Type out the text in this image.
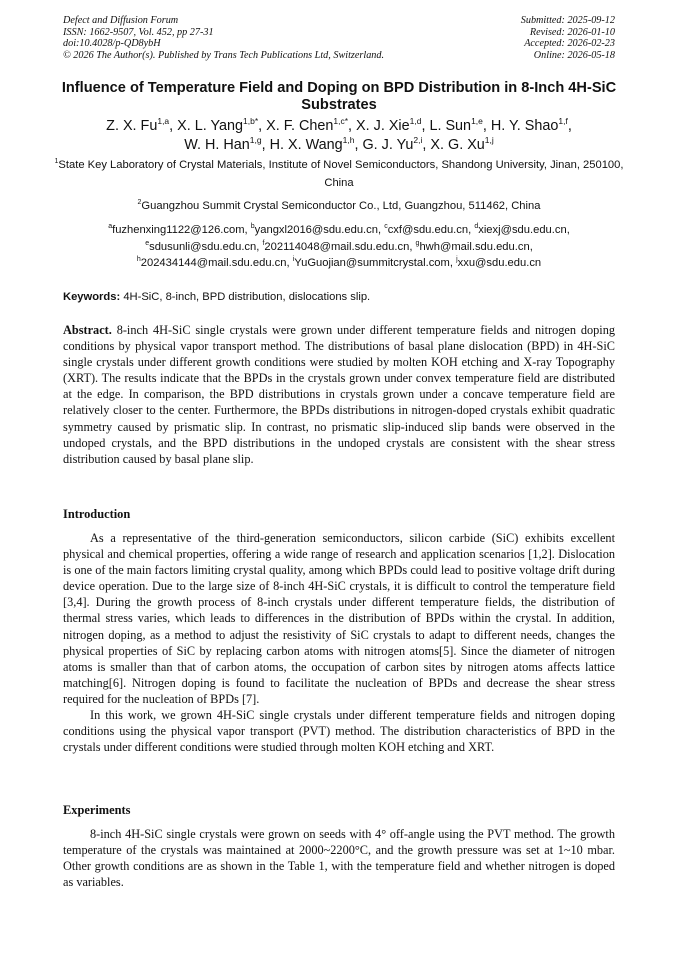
Defect and Diffusion Forum
ISSN: 1662-9507, Vol. 452, pp 27-31
doi:10.4028/p-QD8ybH
© 2026 The Author(s). Published by Trans Tech Publications Ltd, Switzerland.
Submitted: 2025-09-12
Revised: 2026-01-10
Accepted: 2026-02-23
Online: 2026-05-18
Influence of Temperature Field and Doping on BPD Distribution in 8-Inch 4H-SiC Substrates
Z. X. Fu$^{1,a}$, X. L. Yang$^{1,b*}$, X. F. Chen$^{1,c*}$, X. J. Xie$^{1,d}$, L. Sun$^{1,e}$, H. Y. Shao$^{1,f}$,
W. H. Han$^{1,g}$, H. X. Wang$^{1,h}$, G. J. Yu$^{2,i}$, X. G. Xu$^{1,j}$
$^1$State Key Laboratory of Crystal Materials, Institute of Novel Semiconductors, Shandong University, Jinan, 250100, China
$^2$Guangzhou Summit Crystal Semiconductor Co., Ltd, Guangzhou, 511462, China
$^a$fuzhenxing1122@126.com, $^b$yangxl2016@sdu.edu.cn, $^c$cxf@sdu.edu.cn, $^d$xiexj@sdu.edu.cn,
$^e$sdusunli@sdu.edu.cn, $^f$202114048@mail.sdu.edu.cn, $^g$hwh@mail.sdu.edu.cn,
$^h$202434144@mail.sdu.edu.cn, $^i$YuGuojian@summitcrystal.com, $^j$xxu@sdu.edu.cn
Keywords: 4H-SiC, 8-inch, BPD distribution, dislocations slip.

Abstract. 8-inch 4H-SiC single crystals were grown under different temperature fields and nitrogen doping conditions by physical vapor transport method. The distributions of basal plane dislocation (BPD) in 4H-SiC single crystals under different growth conditions were studied by molten KOH etching and X-ray Topography (XRT). The results indicate that the BPDs in the crystals grown under convex temperature field are distributed at the edge. In comparison, the BPD distributions in crystals grown under a concave temperature field are relatively closer to the center. Furthermore, the BPDs distributions in nitrogen-doped crystals exhibit quadratic symmetry caused by prismatic slip. In contrast, no prismatic slip-induced slip bands were observed in the undoped crystals, and the BPD distributions in the undoped crystals are consistent with the shear stress distribution caused by basal plane slip.

Introduction

As a representative of the third-generation semiconductors, silicon carbide (SiC) exhibits excellent physical and chemical properties, offering a wide range of research and application scenarios [1,2]. Dislocation is one of the main factors limiting crystal quality, among which BPDs could lead to positive voltage drift during device operation. Due to the large size of 8-inch 4H-SiC crystals, it is difficult to control the temperature field [3,4]. During the growth process of 8-inch crystals under different temperature fields, the distribution of thermal stress varies, which leads to differences in the distribution of BPDs within the crystal. In addition, nitrogen doping, as a method to adjust the resistivity of SiC crystals to adapt to different needs, changes the physical properties of SiC by replacing carbon atoms with nitrogen atoms[5]. Since the diameter of nitrogen atoms is smaller than that of carbon atoms, the occupation of carbon sites by nitrogen atoms affects lattice matching[6]. Nitrogen doping is found to facilitate the nucleation of BPDs and decrease the shear stress required for the nucleation of BPDs [7].

In this work, we grown 4H-SiC single crystals under different temperature fields and nitrogen doping conditions using the physical vapor transport (PVT) method. The distribution characteristics of BPD in the crystals under different conditions were studied through molten KOH etching and XRT.

Experiments

8-inch 4H-SiC single crystals were grown on seeds with 4° off-angle using the PVT method. The growth temperature of the crystals was maintained at 2000~2200°C, and the growth pressure was set at 1~10 mbar. Other growth conditions are as shown in the Table 1, with the temperature field and whether nitrogen is doped as variables.
